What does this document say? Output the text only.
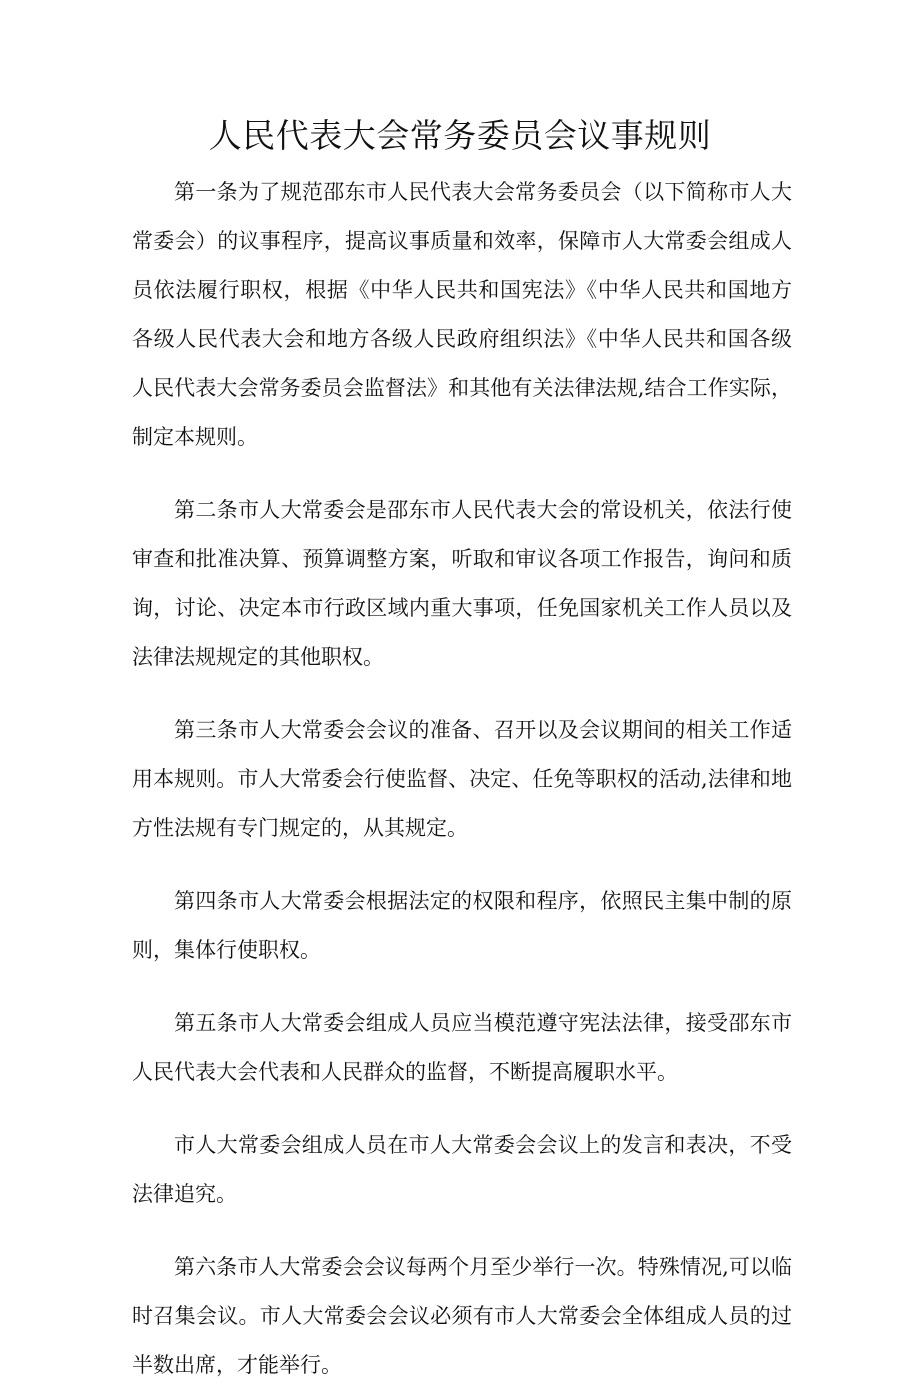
人民代表大会常务委员会议事规则

第一条为了规范邵东市人民代表大会常务委员会（以下简称市人大常委会）的议事程序，提高议事质量和效率，保障市人大常委会组成人员依法履行职权，根据《中华人民共和国宪法》《中华人民共和国地方各级人民代表大会和地方各级人民政府组织法》《中华人民共和国各级人民代表大会常务委员会监督法》和其他有关法律法规,结合工作实际，制定本规则。

第二条市人大常委会是邵东市人民代表大会的常设机关，依法行使审查和批准决算、预算调整方案，听取和审议各项工作报告，询问和质询，讨论、决定本市行政区域内重大事项，任免国家机关工作人员以及法律法规规定的其他职权。

第三条市人大常委会会议的准备、召开以及会议期间的相关工作适用本规则。市人大常委会行使监督、决定、任免等职权的活动,法律和地方性法规有专门规定的，从其规定。

第四条市人大常委会根据法定的权限和程序，依照民主集中制的原则，集体行使职权。

第五条市人大常委会组成人员应当模范遵守宪法法律，接受邵东市人民代表大会代表和人民群众的监督，不断提高履职水平。

市人大常委会组成人员在市人大常委会会议上的发言和表决，不受法律追究。

第六条市人大常委会会议每两个月至少举行一次。特殊情况,可以临时召集会议。市人大常委会会议必须有市人大常委会全体组成人员的过半数出席，才能举行。
